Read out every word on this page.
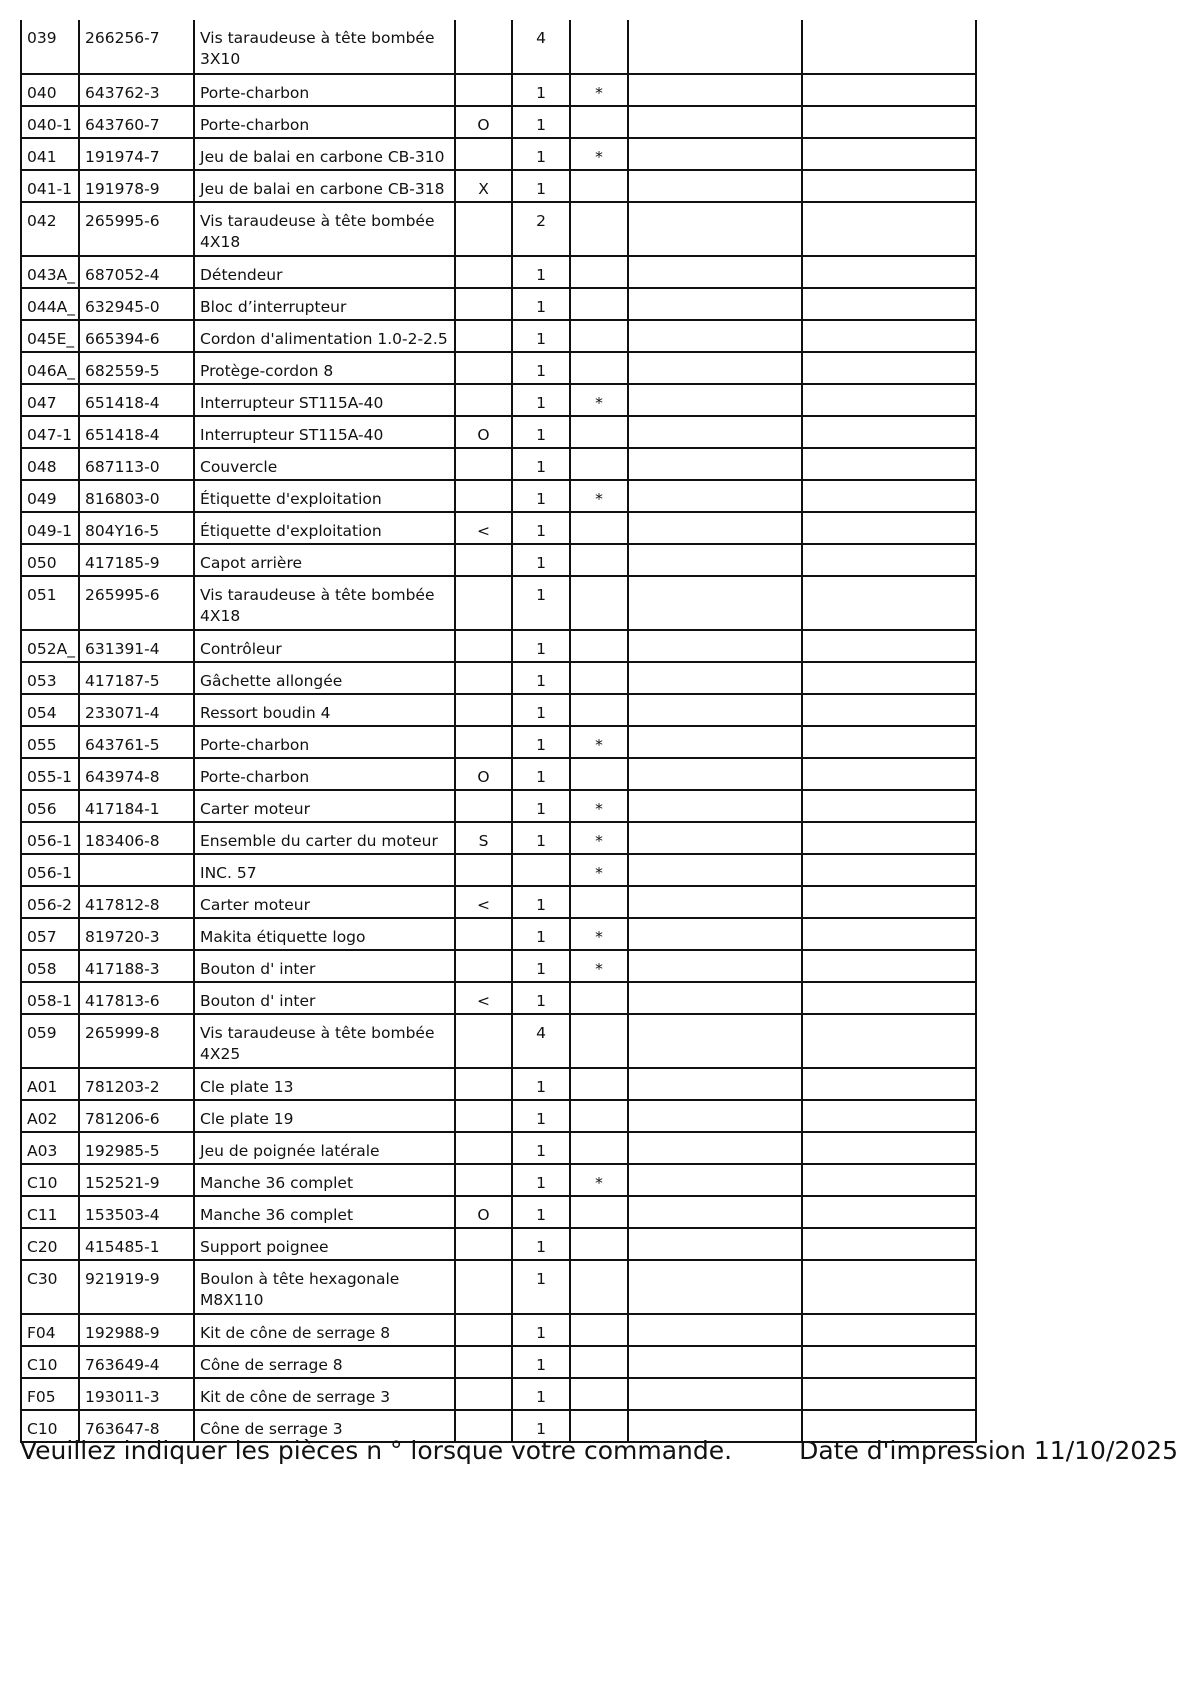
039	266256-7	Vis taraudeuse à tête bombée 3X10		4			
040	643762-3	Porte-charbon		1	*		
040-1	643760-7	Porte-charbon	O	1			
041	191974-7	Jeu de balai en carbone CB-310		1	*		
041-1	191978-9	Jeu de balai en carbone CB-318	X	1			
042	265995-6	Vis taraudeuse à tête bombée 4X18		2			
043A_	687052-4	Détendeur		1			
044A_	632945-0	Bloc d’interrupteur		1			
045E_	665394-6	Cordon d'alimentation 1.0-2-2.5		1			
046A_	682559-5	Protège-cordon 8		1			
047	651418-4	Interrupteur ST115A-40		1	*		
047-1	651418-4	Interrupteur ST115A-40	O	1			
048	687113-0	Couvercle		1			
049	816803-0	Étiquette d'exploitation		1	*		
049-1	804Y16-5	Étiquette d'exploitation	<	1			
050	417185-9	Capot arrière		1			
051	265995-6	Vis taraudeuse à tête bombée 4X18		1			
052A_	631391-4	Contrôleur		1			
053	417187-5	Gâchette allongée		1			
054	233071-4	Ressort boudin 4		1			
055	643761-5	Porte-charbon		1	*		
055-1	643974-8	Porte-charbon	O	1			
056	417184-1	Carter moteur		1	*		
056-1	183406-8	Ensemble du carter du moteur	S	1	*		
056-1		INC. 57			*		
056-2	417812-8	Carter moteur	<	1			
057	819720-3	Makita étiquette logo		1	*		
058	417188-3	Bouton d' inter		1	*		
058-1	417813-6	Bouton d' inter	<	1			
059	265999-8	Vis taraudeuse à tête bombée 4X25		4			
A01	781203-2	Cle plate 13		1			
A02	781206-6	Cle plate 19		1			
A03	192985-5	Jeu de poignée latérale		1			
C10	152521-9	Manche 36 complet		1	*		
C11	153503-4	Manche 36 complet	O	1			
C20	415485-1	Support poignee		1			
C30	921919-9	Boulon à tête hexagonale M8X110		1			
F04	192988-9	Kit de cône de serrage 8		1			
C10	763649-4	Cône de serrage 8		1			
F05	193011-3	Kit de cône de serrage 3		1			
C10	763647-8	Cône de serrage 3		1			
Veuillez indiquer les pièces n ° lorsque votre commande.	Date d'impression 11/10/2025
